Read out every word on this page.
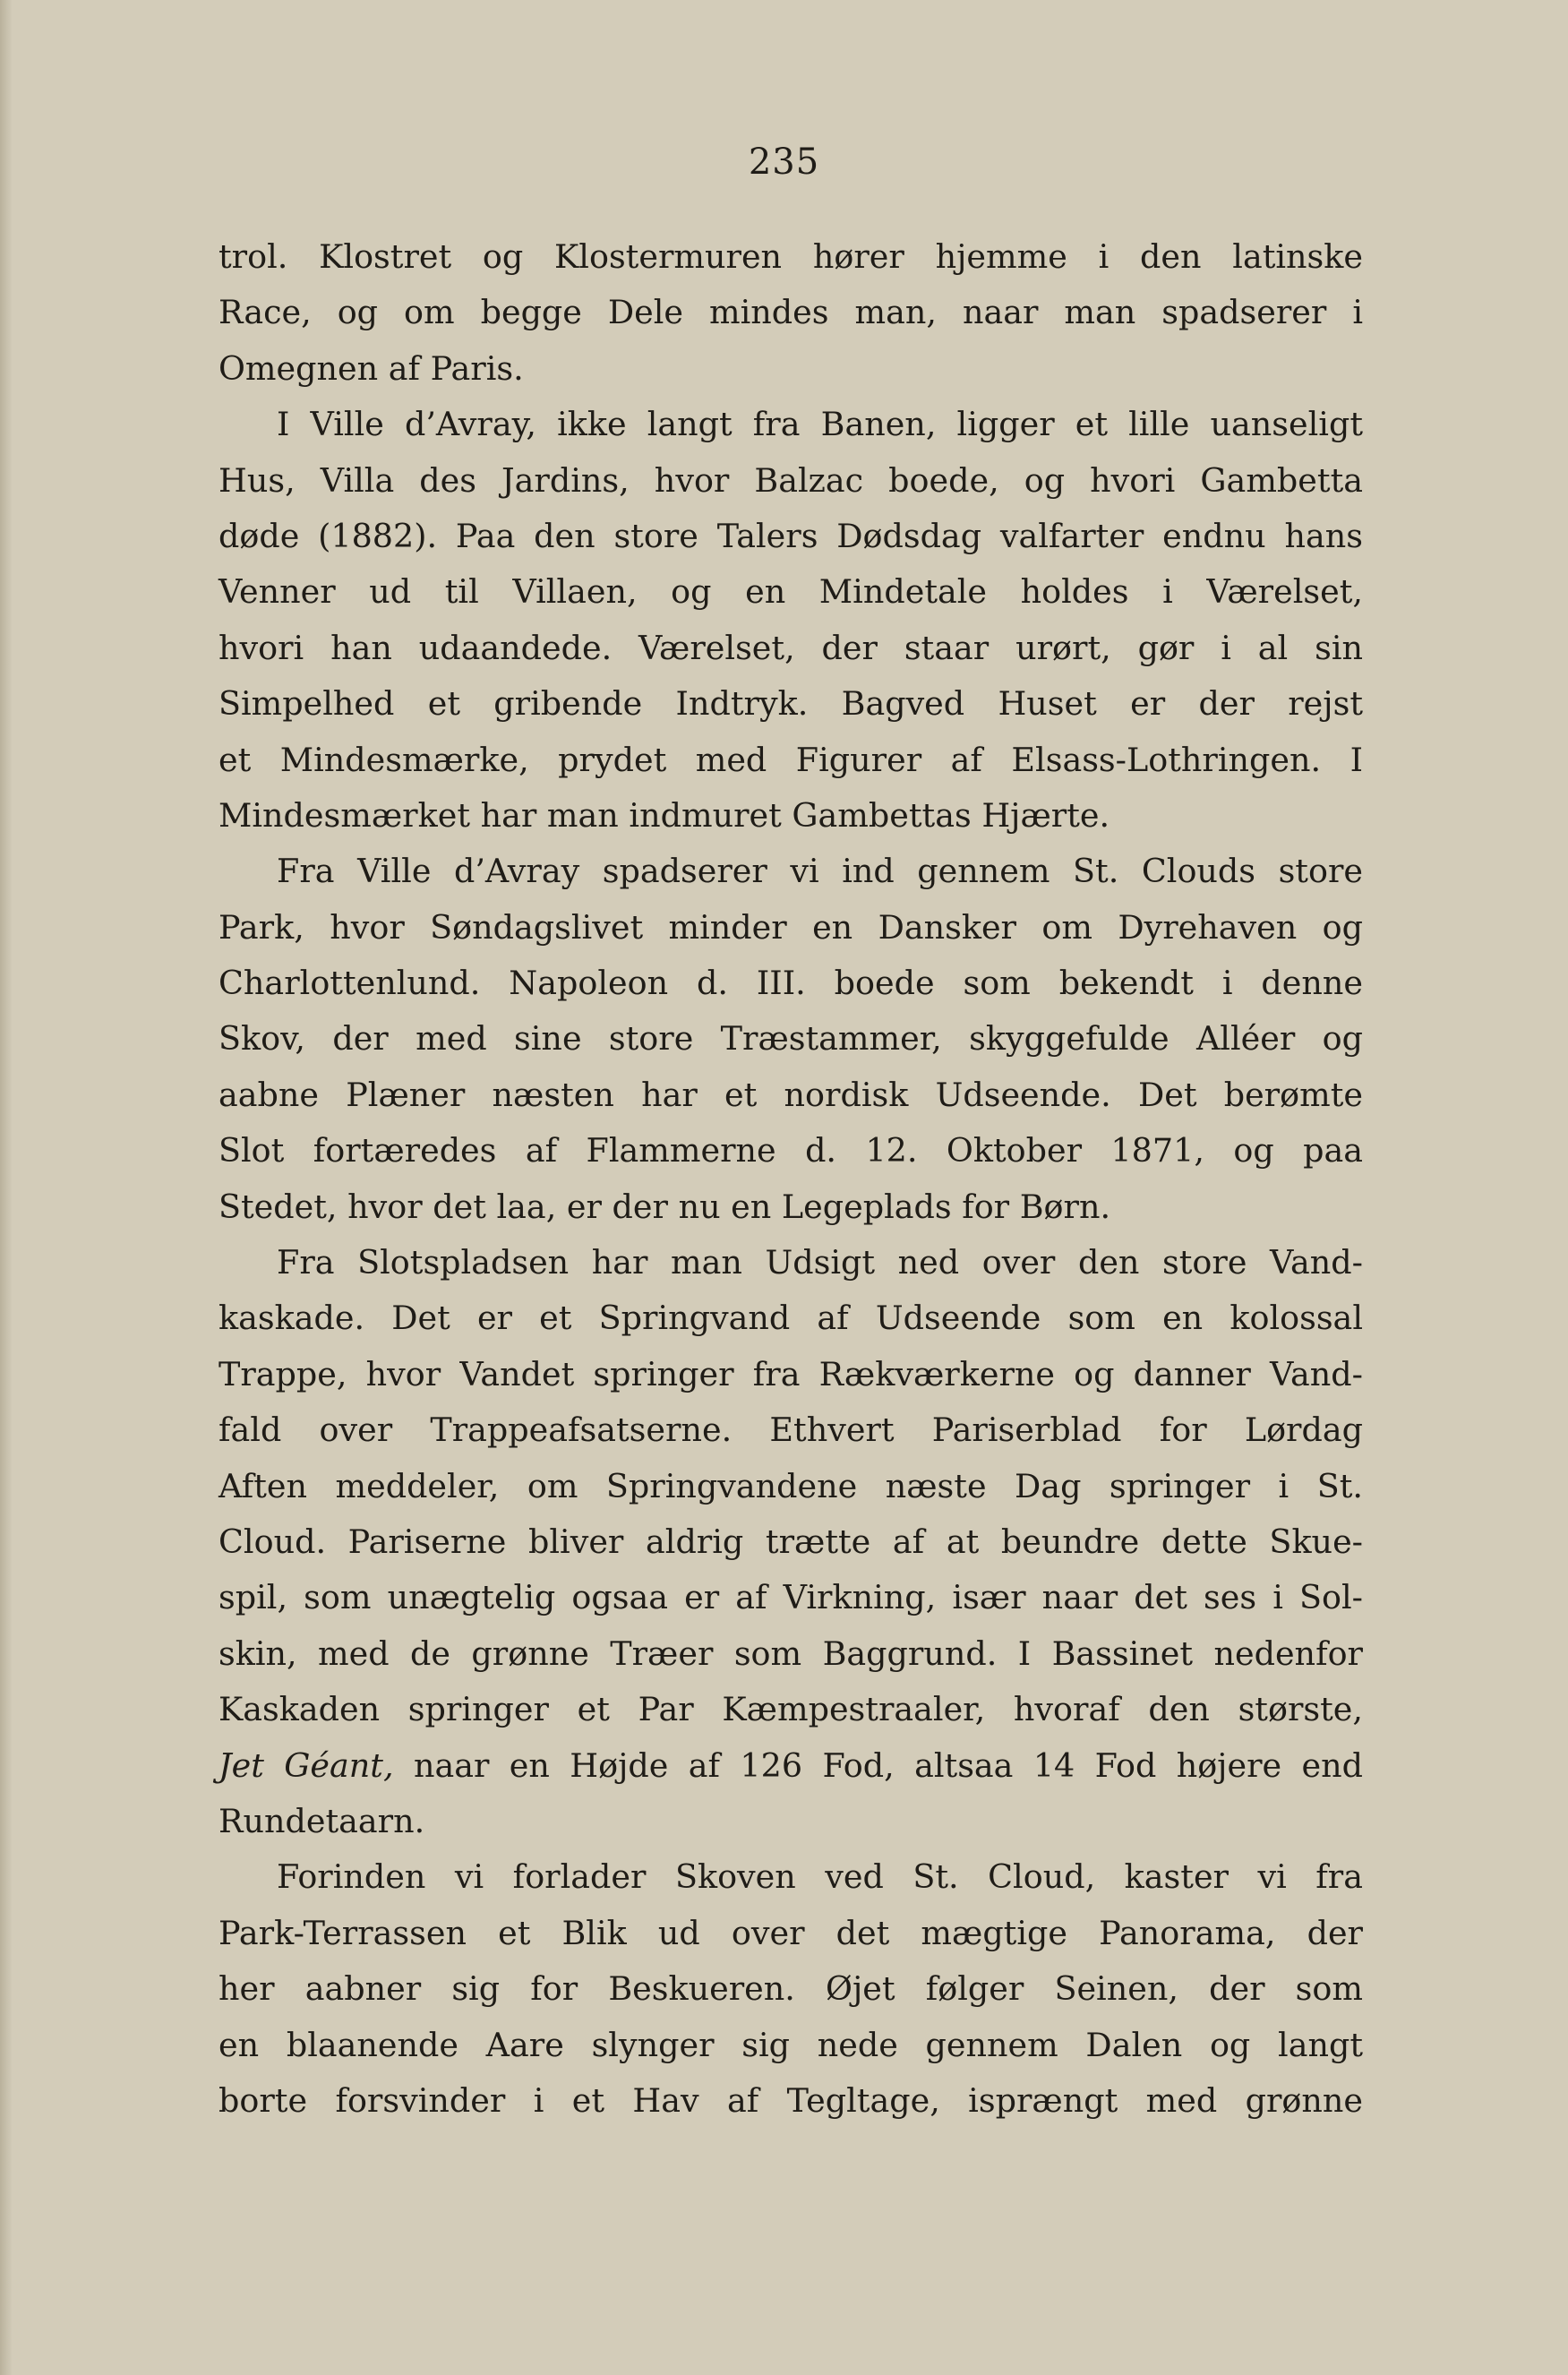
235
trol. Klostret og Klostermuren hører hjemme i den latinske
Race, og om begge Dele mindes man, naar man spadserer i
Omegnen af Paris.
I Ville d’Avray, ikke langt fra Banen, ligger et lille uanseligt
Hus, Villa des Jardins, hvor Balzac boede, og hvori Gambetta
døde (1882). Paa den store Talers Dødsdag valfarter endnu hans
Venner ud til Villaen, og en Mindetale holdes i Værelset,
hvori han udaandede. Værelset, der staar urørt, gør i al sin
Simpelhed et gribende Indtryk. Bagved Huset er der rejst
et Mindesmærke, prydet med Figurer af Elsass-Lothringen. I
Mindesmærket har man indmuret Gambettas Hjærte.
Fra Ville d’Avray spadserer vi ind gennem St. Clouds store
Park, hvor Søndagslivet minder en Dansker om Dyrehaven og
Charlottenlund. Napoleon d. III. boede som bekendt i denne
Skov, der med sine store Træstammer, skyggefulde Alléer og
aabne Plæner næsten har et nordisk Udseende. Det berømte
Slot fortæredes af Flammerne d. 12. Oktober 1871, og paa
Stedet, hvor det laa, er der nu en Legeplads for Børn.
Fra Slotspladsen har man Udsigt ned over den store Vand-
kaskade. Det er et Springvand af Udseende som en kolossal
Trappe, hvor Vandet springer fra Rækværkerne og danner Vand-
fald over Trappeafsatserne. Ethvert Pariserblad for Lørdag
Aften meddeler, om Springvandene næste Dag springer i St.
Cloud. Pariserne bliver aldrig trætte af at beundre dette Skue-
spil, som unægtelig ogsaa er af Virkning, især naar det ses i Sol-
skin, med de grønne Træer som Baggrund. I Bassinet nedenfor
Kaskaden springer et Par Kæmpestraaler, hvoraf den største,
Jet Géant, naar en Højde af 126 Fod, altsaa 14 Fod højere end
Rundetaarn.
Forinden vi forlader Skoven ved St. Cloud, kaster vi fra
Park-Terrassen et Blik ud over det mægtige Panorama, der
her aabner sig for Beskueren. Øjet følger Seinen, der som
en blaanende Aare slynger sig nede gennem Dalen og langt
borte forsvinder i et Hav af Tegltage, isprængt med grønne
